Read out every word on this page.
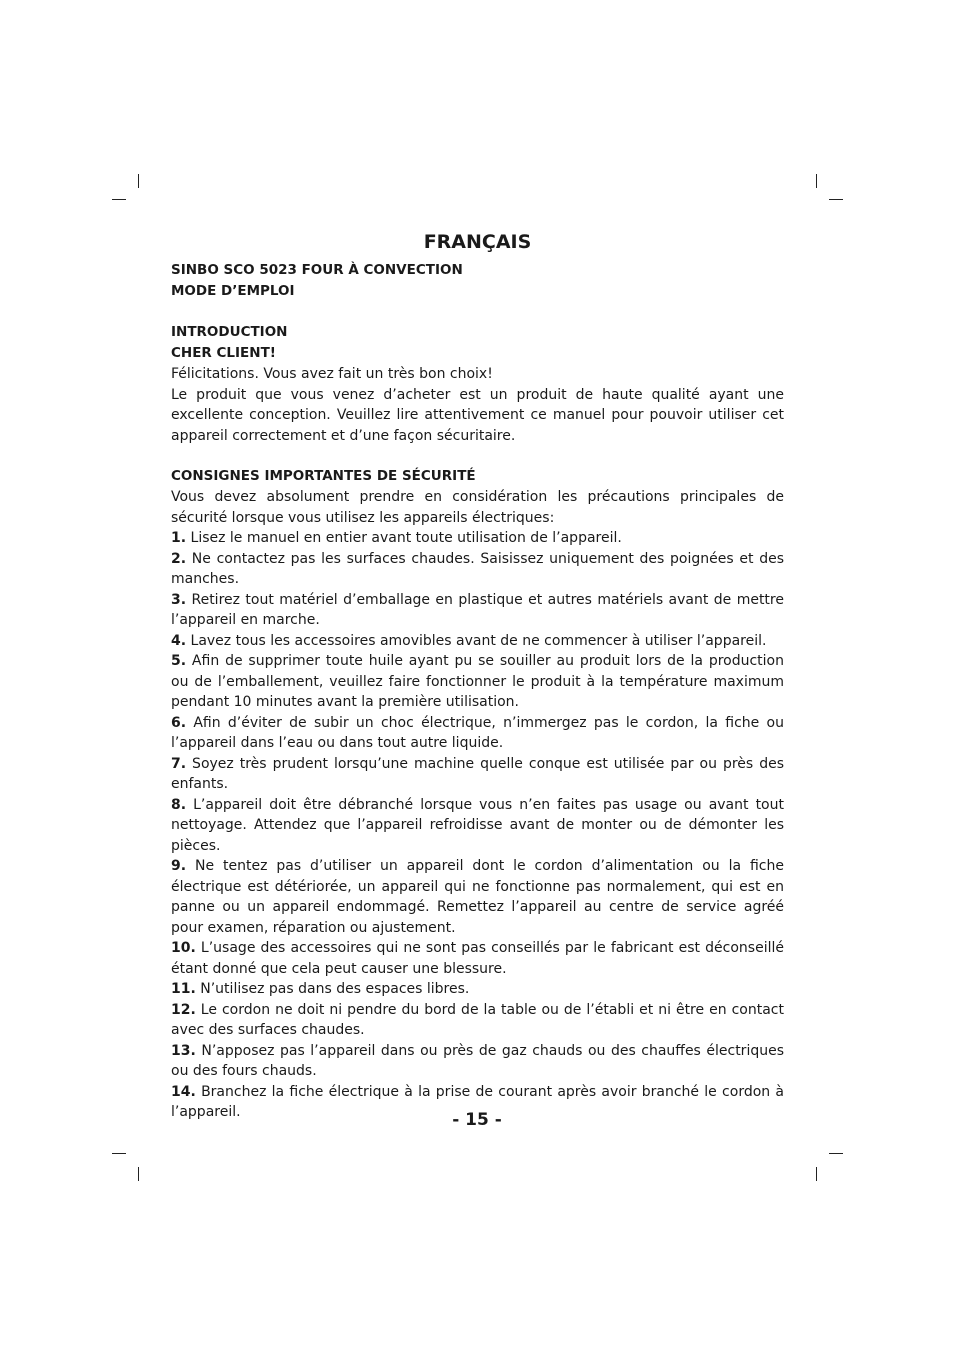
FRANÇAIS
SINBO SCO 5023 FOUR À CONVECTION
MODE D’EMPLOI
INTRODUCTION
CHER CLIENT!

Félicitations. Vous avez fait un très bon choix!

Le produit que vous venez d’acheter est un produit de haute qualité ayant une excellente conception. Veuillez lire attentivement ce manuel pour pouvoir utiliser cet appareil correctement et d’une façon sécuritaire.

CONSIGNES IMPORTANTES DE SÉCURITÉ

Vous devez absolument prendre en considération les précautions principales de sécurité lorsque vous utilisez les appareils électriques:

1. Lisez le manuel en entier avant toute utilisation de l’appareil.

2. Ne contactez pas les surfaces chaudes. Saisissez uniquement des poignées et des manches.

3. Retirez tout matériel d’emballage en plastique et autres matériels avant de mettre l’appareil en marche.

4. Lavez tous les accessoires amovibles avant de ne commencer à utiliser l’appareil.

5. Afin de supprimer toute huile ayant pu se souiller au produit lors de la production ou de l’emballement, veuillez faire fonctionner le produit à la température maximum pendant 10 minutes avant la première utilisation.

6. Afin d’éviter de subir un choc électrique, n’immergez pas le cordon, la fiche ou l’appareil dans l’eau ou dans tout autre liquide.

7. Soyez très prudent lorsqu’une machine quelle conque est utilisée par ou près des enfants.

8. L’appareil doit être débranché lorsque vous n’en faites pas usage ou avant tout nettoyage. Attendez que l’appareil refroidisse avant de monter ou de démonter les pièces.

9. Ne tentez pas d’utiliser un appareil dont le cordon d’alimentation ou la fiche électrique est détériorée, un appareil qui ne fonctionne pas normalement, qui est en panne ou un appareil endommagé. Remettez l’appareil au centre de service agréé pour examen, réparation ou ajustement.

10. L’usage des accessoires qui ne sont pas conseillés par le fabricant est déconseillé étant donné que cela peut causer une blessure.

11. N’utilisez pas dans des espaces libres.

12. Le cordon ne doit ni pendre du bord de la table ou de l’établi et ni être en contact avec des surfaces chaudes.

13. N’apposez pas l’appareil dans ou près de gaz chauds ou des chauffes électriques ou des fours chauds.

14. Branchez la fiche électrique à la prise de courant après avoir branché le cordon à l’appareil.	- 15 -
